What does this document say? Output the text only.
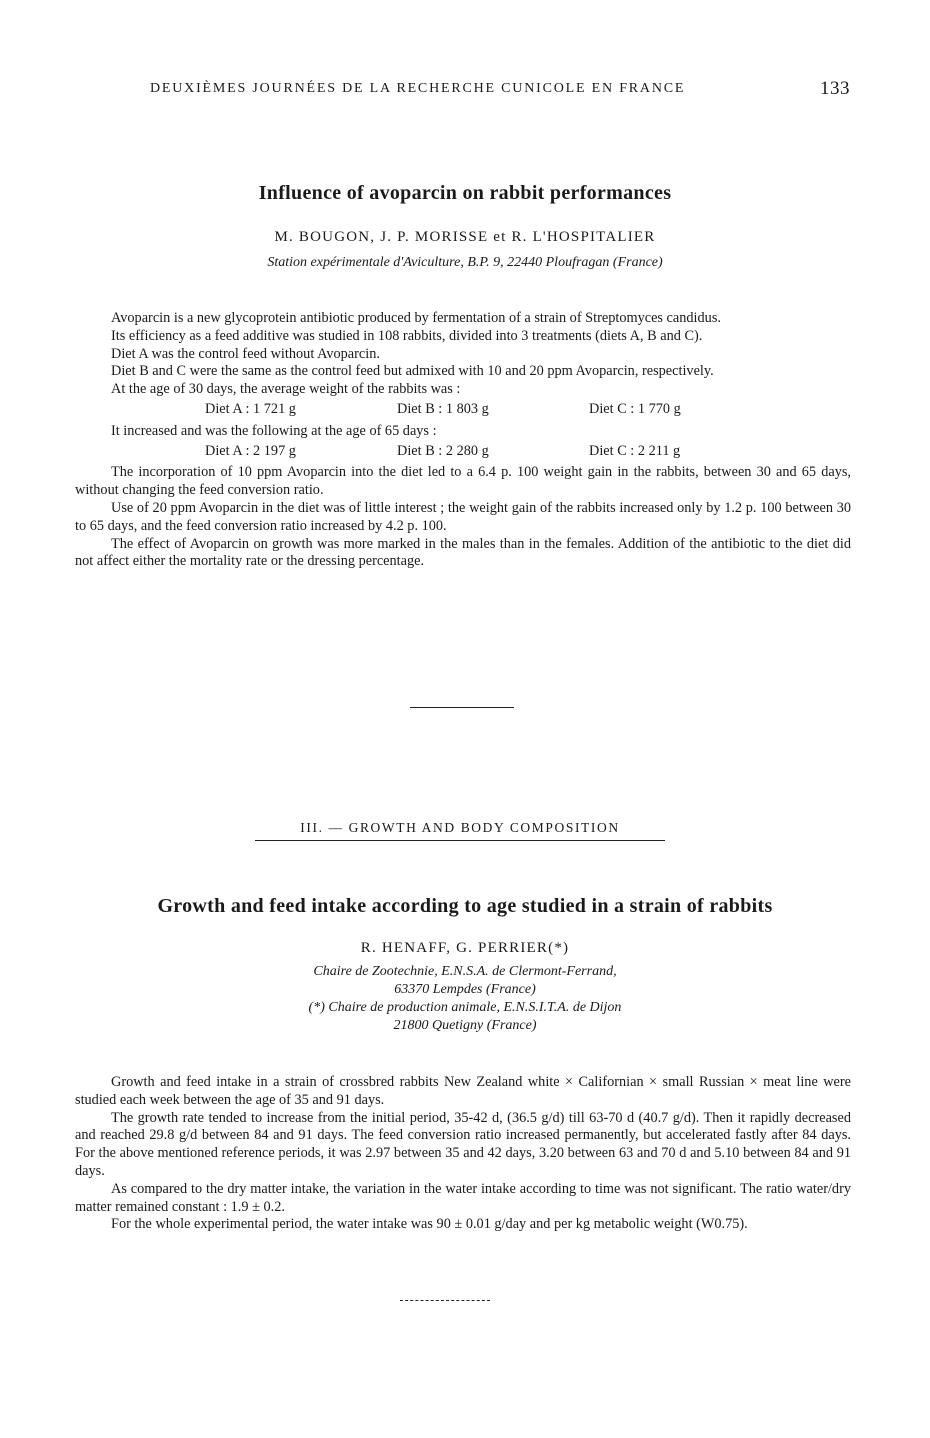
DEUXIÈMES JOURNÉES DE LA RECHERCHE CUNICOLE EN FRANCE	133
Influence of avoparcin on rabbit performances
M. BOUGON, J. P. MORISSE et R. L'HOSPITALIER
Station expérimentale d'Aviculture, B.P. 9, 22440 Ploufragan (France)

Avoparcin is a new glycoprotein antibiotic produced by fermentation of a strain of Streptomyces candidus.

Its efficiency as a feed additive was studied in 108 rabbits, divided into 3 treatments (diets A, B and C).

Diet A was the control feed without Avoparcin.

Diet B and C were the same as the control feed but admixed with 10 and 20 ppm Avoparcin, respectively.

At the age of 30 days, the average weight of the rabbits was :

Diet A : 1 721 g	Diet B : 1 803 g	Diet C : 1 770 g

It increased and was the following at the age of 65 days :

Diet A : 2 197 g	Diet B : 2 280 g	Diet C : 2 211 g

The incorporation of 10 ppm Avoparcin into the diet led to a 6.4 p. 100 weight gain in the rabbits, between 30 and 65 days, without changing the feed conversion ratio.

Use of 20 ppm Avoparcin in the diet was of little interest ; the weight gain of the rabbits increased only by 1.2 p. 100 between 30 to 65 days, and the feed conversion ratio increased by 4.2 p. 100.

The effect of Avoparcin on growth was more marked in the males than in the females. Addition of the antibiotic to the diet did not affect either the mortality rate or the dressing percentage.

III. — GROWTH AND BODY COMPOSITION
Growth and feed intake according to age studied in a strain of rabbits
R. HENAFF, G. PERRIER(*)
Chaire de Zootechnie, E.N.S.A. de Clermont-Ferrand,
63370 Lempdes (France)
(*) Chaire de production animale, E.N.S.I.T.A. de Dijon
21800 Quetigny (France)

Growth and feed intake in a strain of crossbred rabbits New Zealand white × Californian × small Russian × meat line were studied each week between the age of 35 and 91 days.

The growth rate tended to increase from the initial period, 35-42 d, (36.5 g/d) till 63-70 d (40.7 g/d). Then it rapidly decreased and reached 29.8 g/d between 84 and 91 days. The feed conversion ratio increased permanently, but accelerated fastly after 84 days. For the above mentioned reference periods, it was 2.97 between 35 and 42 days, 3.20 between 63 and 70 d and 5.10 between 84 and 91 days.

As compared to the dry matter intake, the variation in the water intake according to time was not significant. The ratio water/dry matter remained constant : 1.9 ± 0.2.

For the whole experimental period, the water intake was 90 ± 0.01 g/day and per kg metabolic weight (W0.75).
